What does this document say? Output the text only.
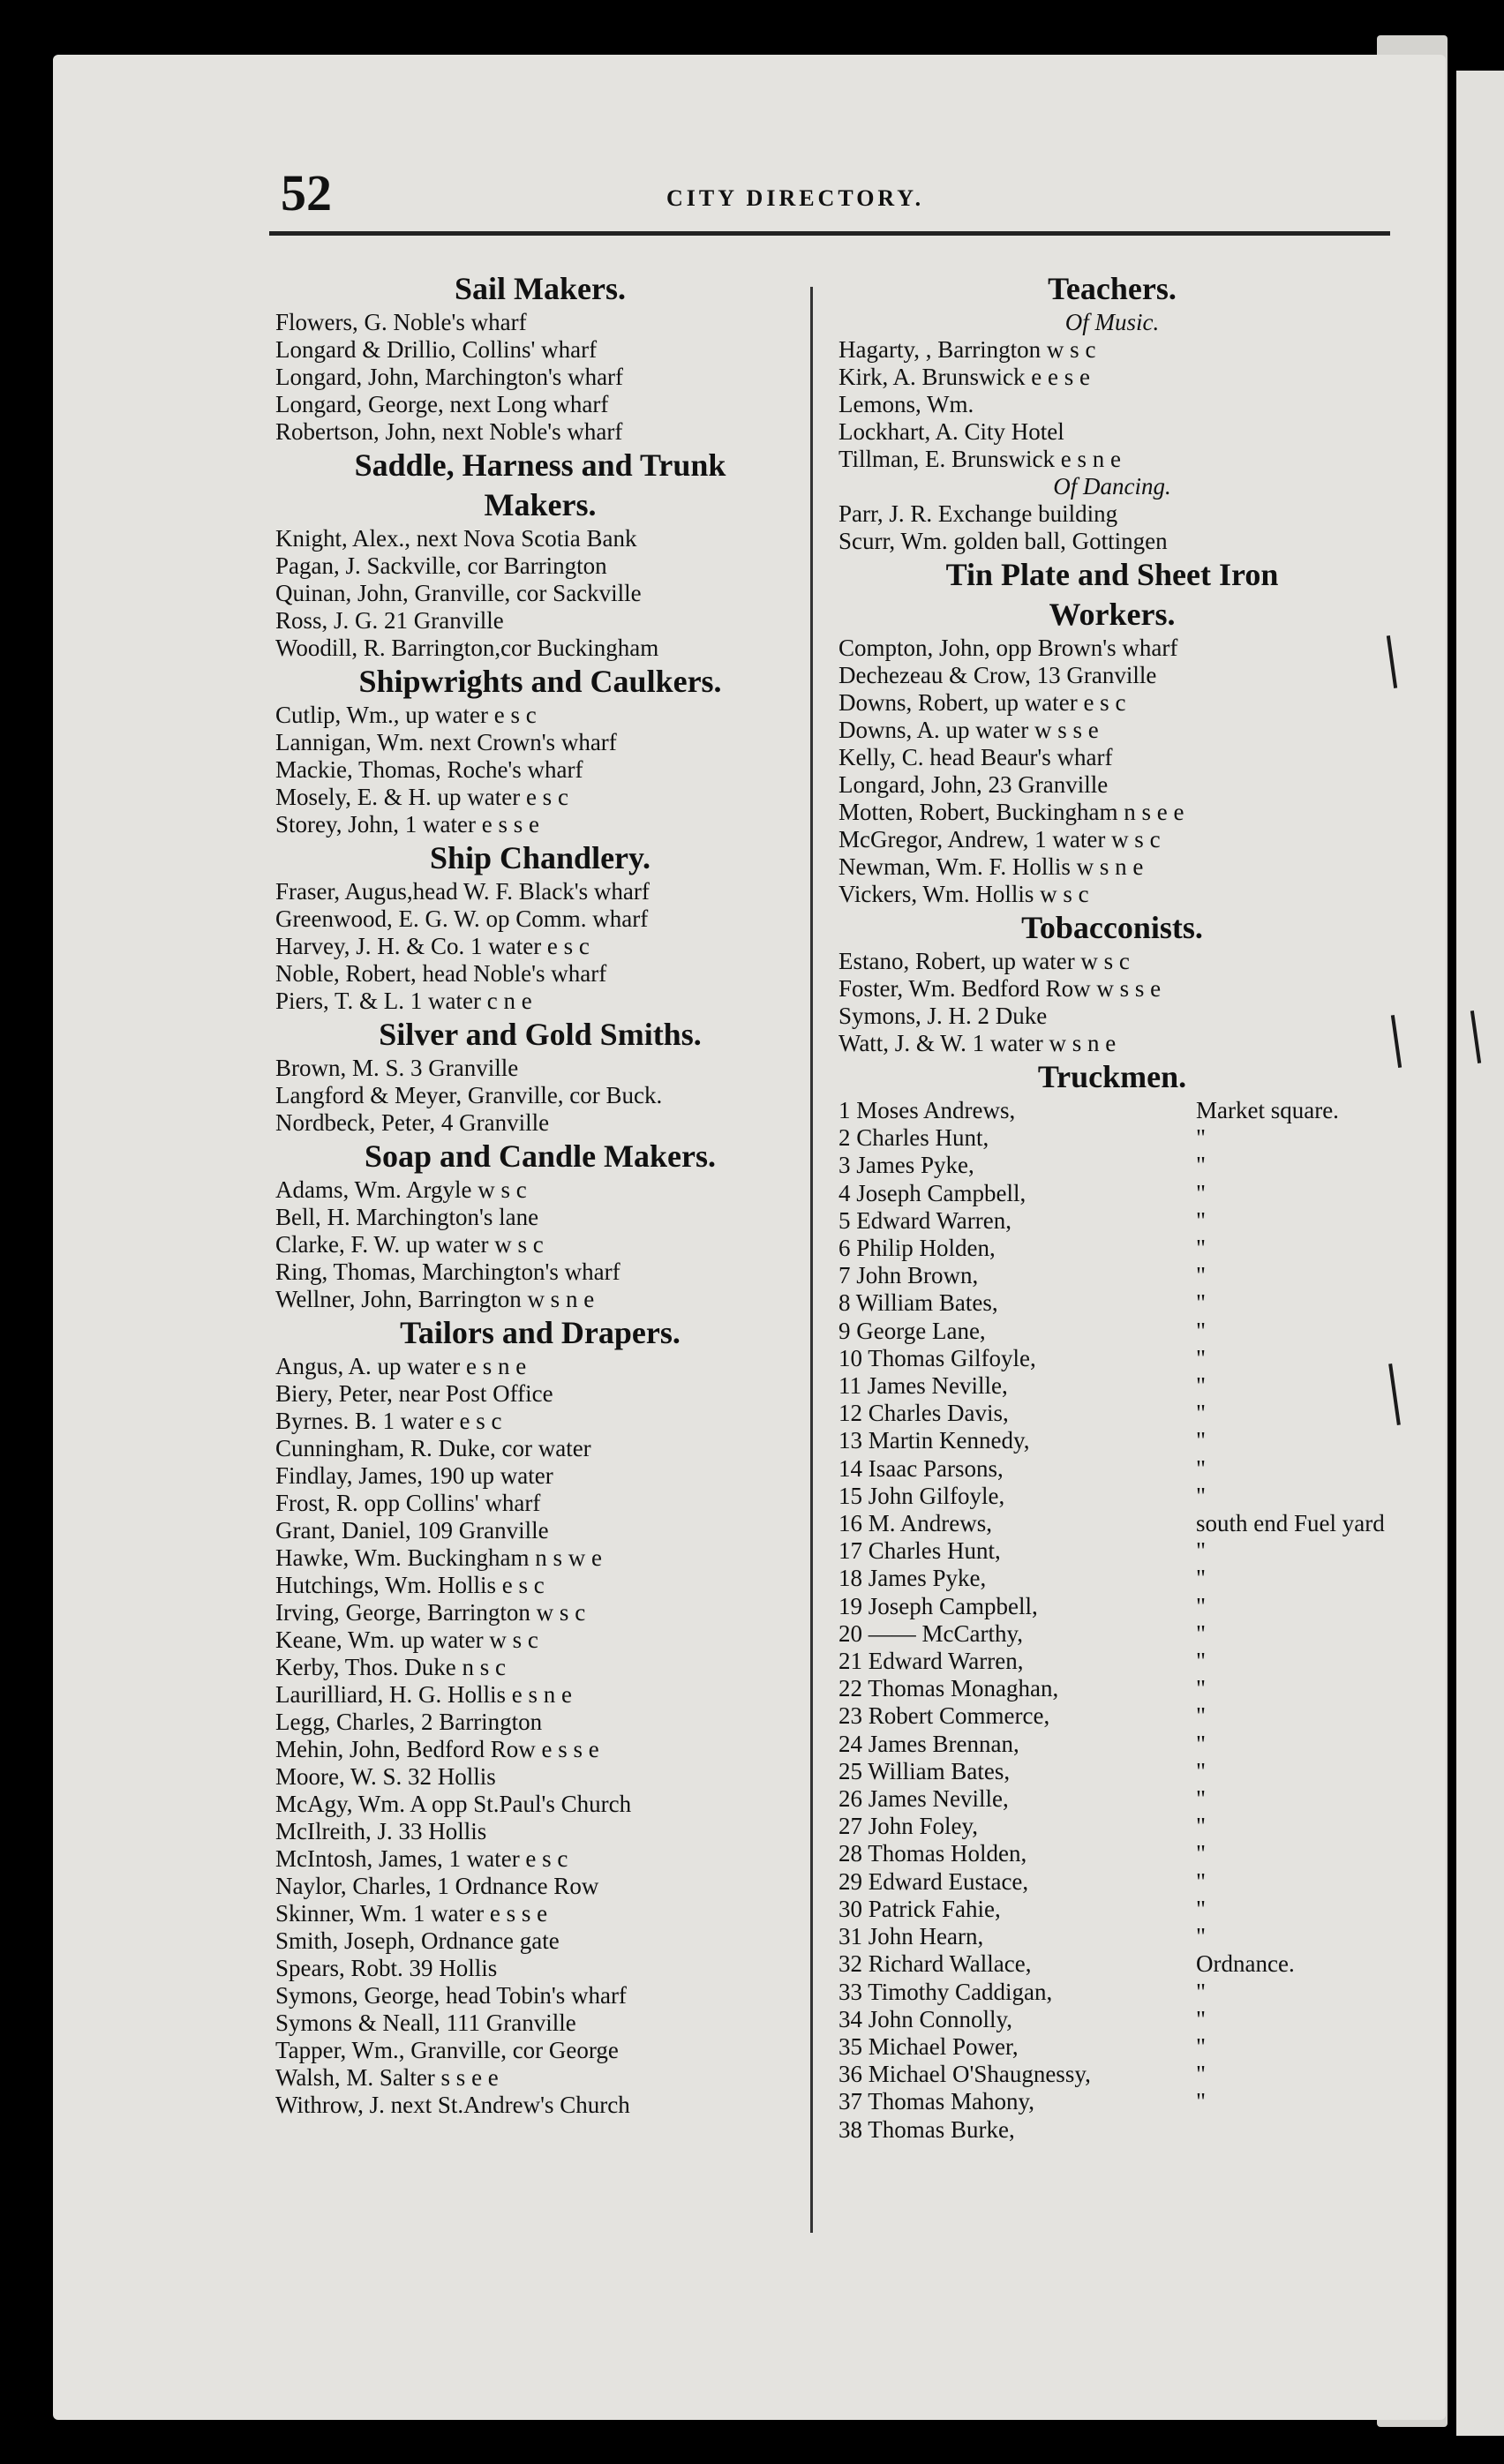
52	CITY DIRECTORY.
Sail Makers.
Flowers, G. Noble's wharf
Longard & Drillio, Collins' wharf
Longard, John, Marchington's wharf
Longard, George, next Long wharf
Robertson, John, next Noble's wharf
Saddle, Harness and Trunk
Makers.
Knight, Alex., next Nova Scotia Bank
Pagan, J. Sackville, cor Barrington
Quinan, John, Granville, cor Sackville
Ross, J. G. 21 Granville
Woodill, R. Barrington,cor Buckingham
Shipwrights and Caulkers.
Cutlip, Wm., up water e s c
Lannigan, Wm. next Crown's wharf
Mackie, Thomas, Roche's wharf
Mosely, E. & H. up water e s c
Storey, John, 1 water e s s e
Ship Chandlery.
Fraser, Augus,head W. F. Black's wharf
Greenwood, E. G. W. op Comm. wharf
Harvey, J. H. & Co. 1 water e s c
Noble, Robert, head Noble's wharf
Piers, T. & L. 1 water c n e
Silver and Gold Smiths.
Brown, M. S. 3 Granville
Langford & Meyer, Granville, cor Buck.
Nordbeck, Peter, 4 Granville
Soap and Candle Makers.
Adams, Wm. Argyle w s c
Bell, H. Marchington's lane
Clarke, F. W. up water w s c
Ring, Thomas, Marchington's wharf
Wellner, John, Barrington w s n e
Tailors and Drapers.
Angus, A. up water e s n e
Biery, Peter, near Post Office
Byrnes. B. 1 water e s c
Cunningham, R. Duke, cor water
Findlay, James, 190 up water
Frost, R. opp Collins' wharf
Grant, Daniel, 109 Granville
Hawke, Wm. Buckingham n s w e
Hutchings, Wm. Hollis e s c
Irving, George, Barrington w s c
Keane, Wm. up water w s c
Kerby, Thos. Duke n s c
Laurilliard, H. G. Hollis e s n e
Legg, Charles, 2 Barrington
Mehin, John, Bedford Row e s s e
Moore, W. S. 32 Hollis
McAgy, Wm. A opp St.Paul's Church
McIlreith, J. 33 Hollis
McIntosh, James, 1 water e s c
Naylor, Charles, 1 Ordnance Row
Skinner, Wm. 1 water e s s e
Smith, Joseph, Ordnance gate
Spears, Robt. 39 Hollis
Symons, George, head Tobin's wharf
Symons & Neall, 111 Granville
Tapper, Wm., Granville, cor George
Walsh, M. Salter s s e e
Withrow, J. next St.Andrew's Church
Teachers.
Of Music.
Hagarty, , Barrington w s c
Kirk, A. Brunswick e e s e
Lemons, Wm.
Lockhart, A. City Hotel
Tillman, E. Brunswick e s n e
Of Dancing.
Parr, J. R. Exchange building
Scurr, Wm. golden ball, Gottingen
Tin Plate and Sheet Iron
Workers.
Compton, John, opp Brown's wharf
Dechezeau & Crow, 13 Granville
Downs, Robert, up water e s c
Downs, A. up water w s s e
Kelly, C. head Beaur's wharf
Longard, John, 23 Granville
Motten, Robert, Buckingham n s e e
McGregor, Andrew, 1 water w s c
Newman, Wm. F. Hollis w s n e
Vickers, Wm. Hollis w s c
Tobacconists.
Estano, Robert, up water w s c
Foster, Wm. Bedford Row w s s e
Symons, J. H. 2 Duke
Watt, J. & W. 1 water w s n e
Truckmen.
1 Moses Andrews,	Market square.
2 Charles Hunt,	"
3 James Pyke,	"
4 Joseph Campbell,	"
5 Edward Warren,	"
6 Philip Holden,	"
7 John Brown,	"
8 William Bates,	"
9 George Lane,	"
10 Thomas Gilfoyle,	"
11 James Neville,	"
12 Charles Davis,	"
13 Martin Kennedy,	"
14 Isaac Parsons,	"
15 John Gilfoyle,	"
16 M. Andrews,	south end Fuel yard
17 Charles Hunt,	"
18 James Pyke,	"
19 Joseph Campbell,	"
20 —— McCarthy,	"
21 Edward Warren,	"
22 Thomas Monaghan,	"
23 Robert Commerce,	"
24 James Brennan,	"
25 William Bates,	"
26 James Neville,	"
27 John Foley,	"
28 Thomas Holden,	"
29 Edward Eustace,	"
30 Patrick Fahie,	"
31 John Hearn,	"
32 Richard Wallace,	Ordnance.
33 Timothy Caddigan,	"
34 John Connolly,	"
35 Michael Power,	"
36 Michael O'Shaugnessy,	"
37 Thomas Mahony,	"
38 Thomas Burke,
